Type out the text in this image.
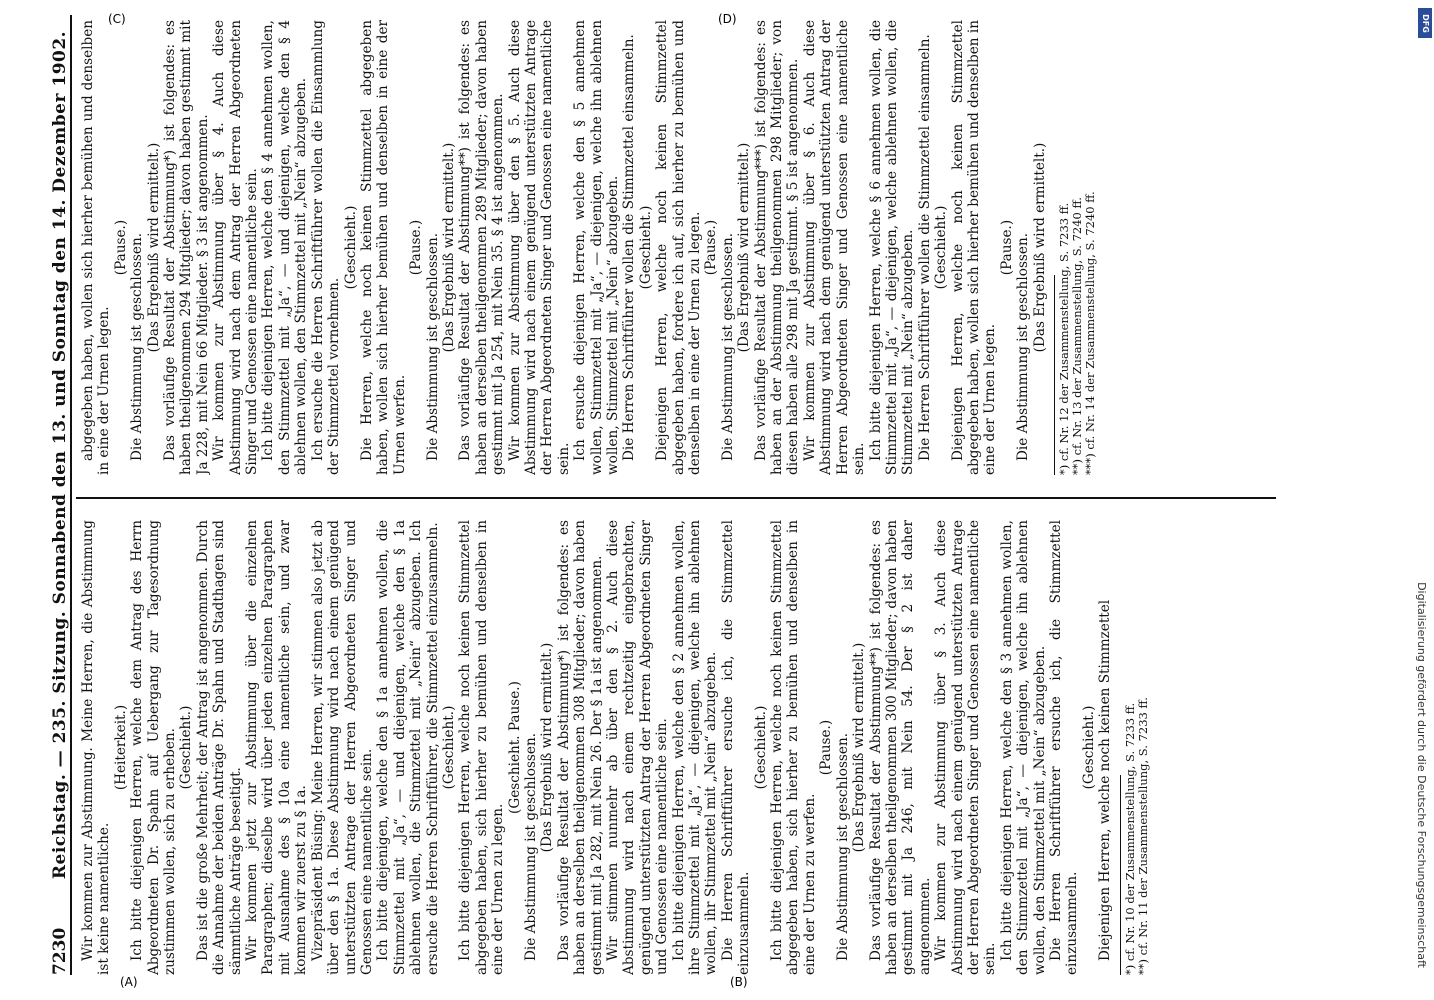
7230
Reichstag. — 235. Sitzung. Sonnabend den 13. und Sonntag den 14. Dezember 1902. Wir kommen zur Abstimmung. Meine Herren, die Abstimmung ist keine namentliche.

(Heiterkeit.) Ich bitte diejenigen Herren, welche dem Antrag des Herrn Abgeordneten Dr. Spahn auf Uebergang zur Tagesordnung zustimmen wollen, sich zu erheben. (Geschieht.) Das ist die große Mehrheit; der Antrag ist angenommen. Durch die Annahme der beiden Anträge Dr. Spahn und Stadthagen sind sämmtliche Anträge beseitigt. Wir kommen jetzt zur Abstimmung über die einzelnen Paragraphen; dieselbe wird über jeden einzelnen Paragraphen mit Ausnahme des § 10a eine namentliche sein, und zwar kommen wir zuerst zu § 1a. Vizepräsident Büsing: Meine Herren, wir stimmen also jetzt ab über den § 1a. Diese Abstimmung wird nach einem genügend unterstützten Antrage der Herren Abgeordneten Singer und Genossen eine namentliche sein. Ich bitte diejenigen, welche den § 1a annehmen wollen, die Stimmzettel mit „Ja“, — und diejenigen, welche den § 1a ablehnen wollen, die Stimmzettel mit „Nein“ abzugeben. Ich ersuche die Herren Schriftführer, die Stimmzettel einzusammeln. (Geschieht.) Ich bitte diejenigen Herren, welche noch keinen Stimmzettel abgegeben haben, sich hierher zu bemühen und denselben in eine der Urnen zu legen.

(Geschieht. Pause.) Die Abstimmung ist geschlossen. (Das Ergebniß wird ermittelt.) Das vorläufige Resultat der Abstimmung*) ist folgendes: es haben an derselben theilgenommen 308 Mitglieder; davon haben gestimmt mit Ja 282, mit Nein 26. Der § 1a ist angenommen. Wir stimmen nunmehr ab über den § 2. Auch diese Abstimmung wird nach einem rechtzeitig eingebrachten, genügend unterstützten Antrag der Herren Abgeordneten Singer und Genossen eine namentliche sein. Ich bitte diejenigen Herren, welche den § 2 annehmen wollen, ihre Stimmzettel mit „Ja“, — diejenigen, welche ihn ablehnen wollen, ihr Stimmzettel mit „Nein“ abzugeben. Die Herren Schriftführer ersuche ich, die Stimmzettel einzusammeln.

(Geschieht.) Ich bitte diejenigen Herren, welche noch keinen Stimmzettel abgegeben haben, sich hierher zu bemühen und denselben in eine der Urnen zu werfen.

(Pause.) Die Abstimmung ist geschlossen. (Das Ergebniß wird ermittelt.) Das vorläufige Resultat der Abstimmung**) ist folgendes: es haben an derselben theilgenommen 300 Mitglieder; davon haben gestimmt mit Ja 246, mit Nein 54. Der § 2 ist daher angenommen. Wir kommen zur Abstimmung über § 3. Auch diese Abstimmung wird nach einem genügend unterstützten Antrage der Herren Abgeordneten Singer und Genossen eine namentliche sein. Ich bitte diejenigen Herren, welche den § 3 annehmen wollen, den Stimmzettel mit „Ja“, — diejenigen, welche ihn ablehnen wollen, den Stimmzettel mit „Nein“ abzugeben. Die Herren Schriftführer ersuche ich, die Stimmzettel einzusammeln.

(Geschieht.) Diejenigen Herren, welche noch keinen Stimmzettel *) cf. Nr. 10 der Zusammenstellung, S. 7233 ff. **) cf. Nr. 11 der Zusammenstellung, S. 7233 ff.

abgegeben haben, wollen sich hierher bemühen und denselben in eine der Urnen legen.

(Pause.) Die Abstimmung ist geschlossen. (Das Ergebniß wird ermittelt.) Das vorläufige Resultat der Abstimmung*) ist folgendes: es haben theilgenommen 294 Mitglieder; davon haben gestimmt mit Ja 228, mit Nein 66 Mitglieder. § 3 ist angenommen. Wir kommen zur Abstimmung über § 4. Auch diese Abstimmung wird nach dem Antrag der Herren Abgeordneten Singer und Genossen eine namentliche sein. Ich bitte diejenigen Herren, welche den § 4 annehmen wollen, den Stimmzettel mit „Ja“, — und diejenigen, welche den § 4 ablehnen wollen, den Stimmzettel mit „Nein“ abzugeben. Ich ersuche die Herren Schriftführer wollen die Einsammlung der Stimmzettel vornehmen.

(Geschieht.) Die Herren, welche noch keinen Stimmzettel abgegeben haben, wollen sich hierher bemühen und denselben in eine der Urnen werfen.

(Pause.) Die Abstimmung ist geschlossen. (Das Ergebniß wird ermittelt.) Das vorläufige Resultat der Abstimmung**) ist folgendes: es haben an derselben theilgenommen 289 Mitglieder; davon haben gestimmt mit Ja 254, mit Nein 35. § 4 ist angenommen. Wir kommen zur Abstimmung über den § 5. Auch diese Abstimmung wird nach einem genügend unterstützten Antrage der Herren Abgeordneten Singer und Genossen eine namentliche sein. Ich ersuche diejenigen Herren, welche den § 5 annehmen wollen, Stimmzettel mit „Ja“, — diejenigen, welche ihn ablehnen wollen, Stimmzettel mit „Nein“ abzugeben. Die Herren Schriftführer wollen die Stimmzettel einsammeln. (Geschieht.) Diejenigen Herren, welche noch keinen Stimmzettel abgegeben haben, fordere ich auf, sich hierher zu bemühen und denselben in eine der Urnen zu legen. (Pause.) Die Abstimmung ist geschlossen. (Das Ergebniß wird ermittelt.) Das vorläufige Resultat der Abstimmung***) ist folgendes: es haben an der Abstimmung theilgenommen 298 Mitglieder; von diesen haben alle 298 mit Ja gestimmt. § 5 ist angenommen. Wir kommen zur Abstimmung über § 6. Auch diese Abstimmung wird nach dem genügend unterstützten Antrag der Herren Abgeordneten Singer und Genossen eine namentliche sein. Ich bitte diejenigen Herren, welche § 6 annehmen wollen, die Stimmzettel mit „Ja“, — diejenigen, welche ablehnen wollen, die Stimmzettel mit „Nein“ abzugeben. Die Herren Schriftführer wollen die Stimmzettel einsammeln. (Geschieht.) Diejenigen Herren, welche noch keinen Stimmzettel abgegeben haben, wollen sich hierher bemühen und denselben in eine der Urnen legen.

(Pause.) Die Abstimmung ist geschlossen. (Das Ergebniß wird ermittelt.) *) cf. Nr. 12 der Zusammenstellung, S. 7233 ff. **) cf. Nr. 13 der Zusammenstellung, S. 7240 ff. ***) cf. Nr. 14 der Zusammenstellung, S. 7240 ff.
(A)	(B)
(C)	(D)
Digitalisierung gefördert durch die Deutsche Forschungsgemeinschaft
DFG
